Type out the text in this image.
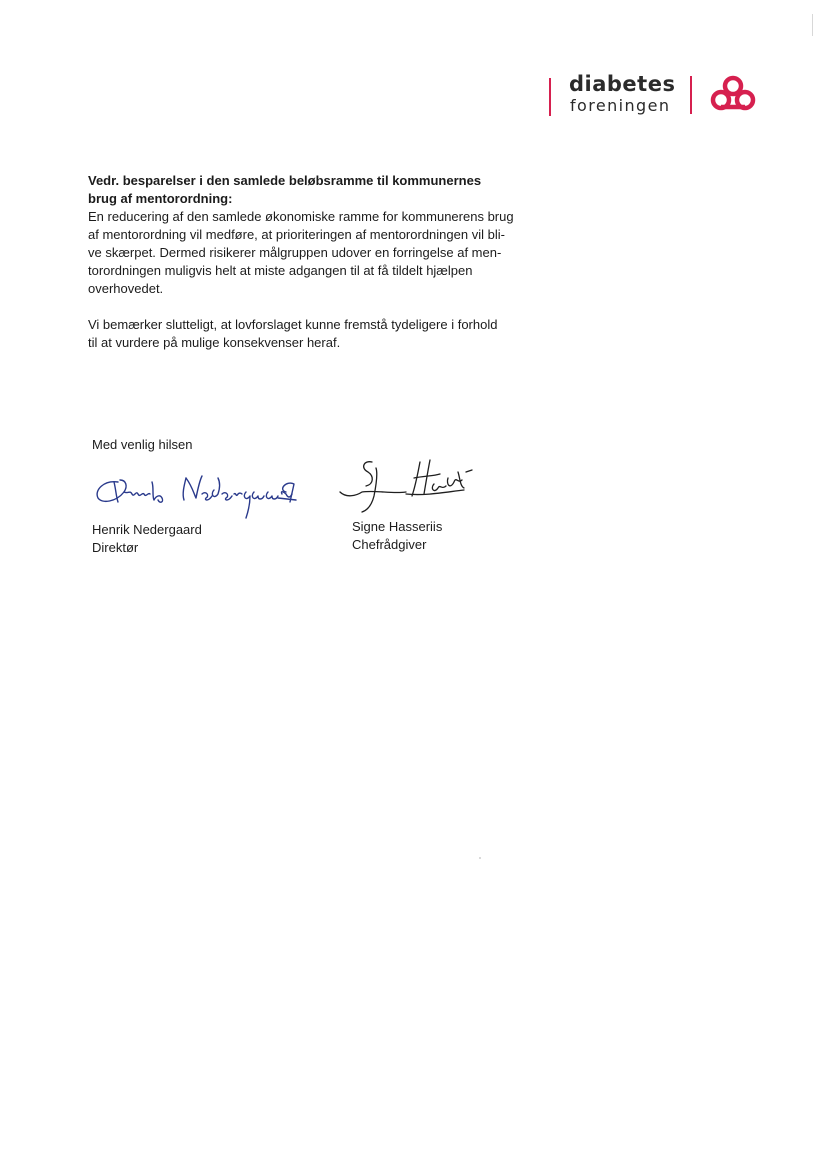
diabetes
foreningen

Vedr. besparelser i den samlede beløbsramme til kommunernes
brug af mentorordning:

En reducering af den samlede økonomiske ramme for kommunerens brug
af mentorordning vil medføre, at prioriteringen af mentorordningen vil bli-
ve skærpet. Dermed risikerer målgruppen udover en forringelse af men-
torordningen muligvis helt at miste adgangen til at få tildelt hjælpen
overhovedet.

Vi bemærker slutteligt, at lovforslaget kunne fremstå tydeligere i forhold
til at vurdere på mulige konsekvenser heraf.

Med venlig hilsen
Henrik Nedergaard
Direktør
Signe Hasseriis
Chefrådgiver
